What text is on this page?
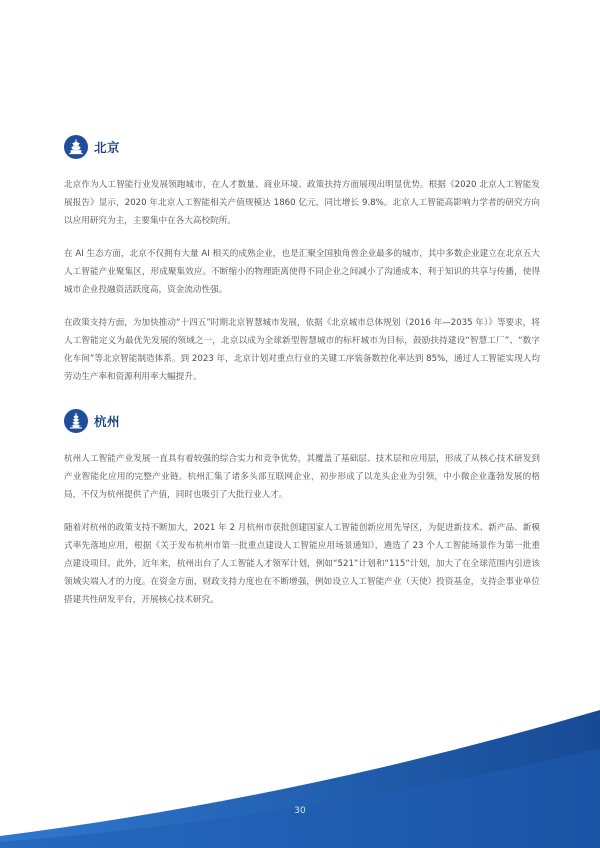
北京

北京作为人工智能行业发展领跑城市，在人才数量、商业环境、政策扶持方面展现出明显优势。根据《2020 北京人工智能发展报告》显示，2020 年北京人工智能相关产值规模达 1860 亿元，同比增长 9.8%。北京人工智能高影响力学者的研究方向以应用研究为主，主要集中在各大高校院所。

在 AI 生态方面，北京不仅拥有大量 AI 相关的成熟企业，也是汇聚全国独角兽企业最多的城市，其中多数企业建立在北京五大人工智能产业聚集区，形成聚集效应。不断缩小的物理距离使得不同企业之间减小了沟通成本，利于知识的共享与传播，使得城市企业投融资活跃度高，资金流动性强。

在政策支持方面，为加快推动“十四五”时期北京智慧城市发展，依据《北京城市总体规划（2016 年—2035 年）》等要求，将人工智能定义为最优先发展的领域之一，北京以成为全球新型智慧城市的标杆城市为目标，鼓励扶持建设“智慧工厂”、“数字化车间”等北京智能制造体系。到 2023 年，北京计划对重点行业的关键工序装备数控化率达到 85%，通过人工智能实现人均劳动生产率和资源利用率大幅提升。

杭州

杭州人工智能产业发展一直具有着较强的综合实力和竞争优势，其覆盖了基础层、技术层和应用层，形成了从核心技术研发到产业智能化应用的完整产业链。杭州汇集了诸多头部互联网企业，初步形成了以龙头企业为引领，中小微企业蓬勃发展的格局，不仅为杭州提供了产值，同时也吸引了大批行业人才。

随着对杭州的政策支持不断加大，2021 年 2 月杭州市获批创建国家人工智能创新应用先导区，为促进新技术、新产品、新模式率先落地应用，根据《关于发布杭州市第一批重点建设人工智能应用场景通知》，遴选了 23 个人工智能场景作为第一批重点建设项目。此外，近年来，杭州出台了人工智能人才领军计划，例如“521”计划和“115“计划，加大了在全球范围内引进该领域尖端人才的力度。在资金方面，财政支持力度也在不断增强，例如设立人工智能产业（天使）投资基金，支持企事业单位搭建共性研发平台，开展核心技术研究。

30
